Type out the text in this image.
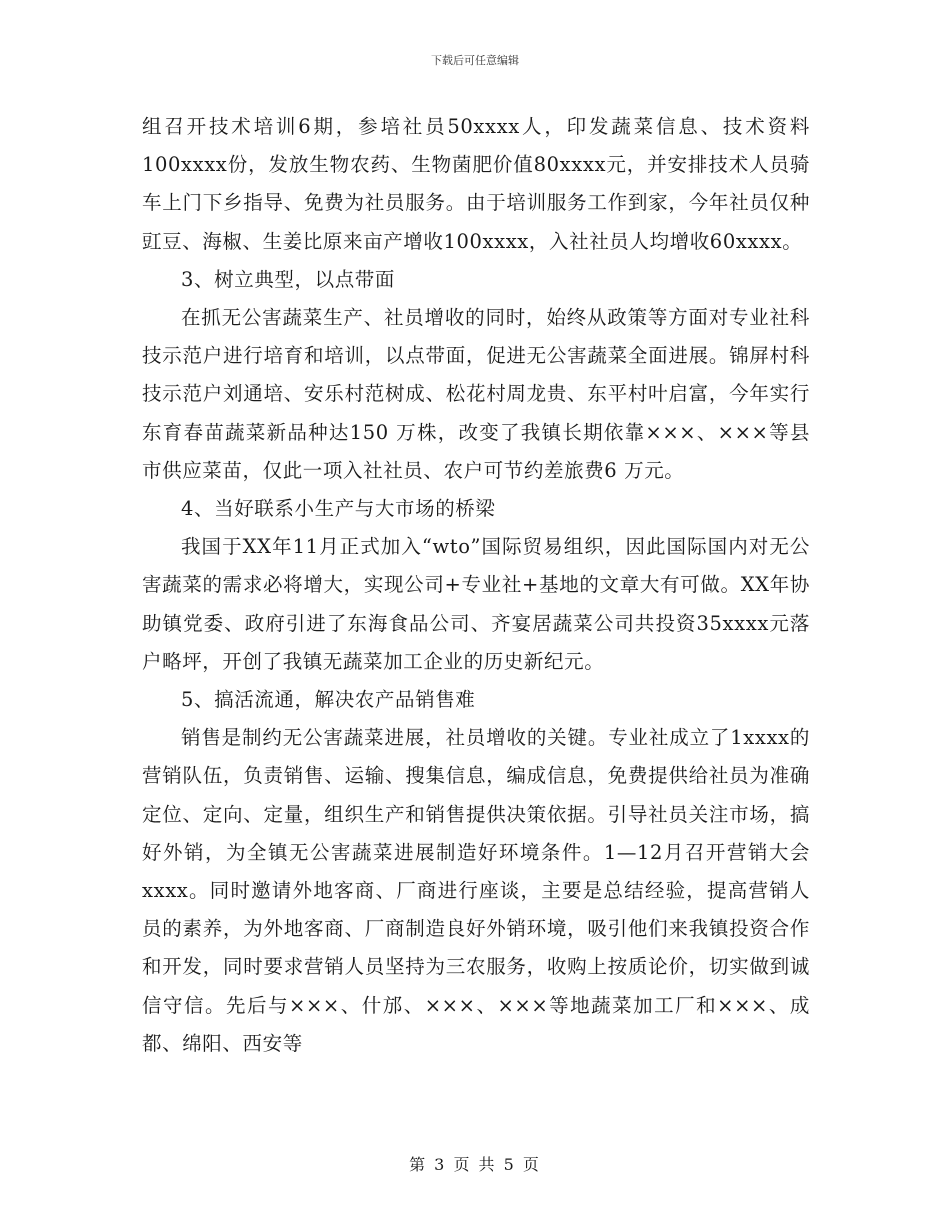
下载后可任意编辑

组召开技术培训6期，参培社员50xxxx人，印发蔬菜信息、技术资料100xxxx份，发放生物农药、生物菌肥价值80xxxx元，并安排技术人员骑车上门下乡指导、免费为社员服务。由于培训服务工作到家，今年社员仅种豇豆、海椒、生姜比原来亩产增收100xxxx，入社社员人均增收60xxxx。

3、树立典型，以点带面

在抓无公害蔬菜生产、社员增收的同时，始终从政策等方面对专业社科技示范户进行培育和培训，以点带面，促进无公害蔬菜全面进展。锦屏村科技示范户刘通培、安乐村范树成、松花村周龙贵、东平村叶启富，今年实行东育春苗蔬菜新品种达150 万株，改变了我镇长期依靠×××、×××等县市供应菜苗，仅此一项入社社员、农户可节约差旅费6 万元。

4、当好联系小生产与大市场的桥梁

我国于XX年11月正式加入“wto”国际贸易组织，因此国际国内对无公害蔬菜的需求必将增大，实现公司+专业社+基地的文章大有可做。XX年协助镇党委、政府引进了东海食品公司、齐宴居蔬菜公司共投资35xxxx元落户略坪，开创了我镇无蔬菜加工企业的历史新纪元。

5、搞活流通，解决农产品销售难

销售是制约无公害蔬菜进展，社员增收的关键。专业社成立了1xxxx的营销队伍，负责销售、运输、搜集信息，编成信息，免费提供给社员为准确定位、定向、定量，组织生产和销售提供决策依据。引导社员关注市场，搞好外销，为全镇无公害蔬菜进展制造好环境条件。1—12月召开营销大会xxxx。同时邀请外地客商、厂商进行座谈，主要是总结经验，提高营销人员的素养，为外地客商、厂商制造良好外销环境，吸引他们来我镇投资合作和开发，同时要求营销人员坚持为三农服务，收购上按质论价，切实做到诚信守信。先后与×××、什邡、×××、×××等地蔬菜加工厂和×××、成都、绵阳、西安等

第 3 页 共 5 页
